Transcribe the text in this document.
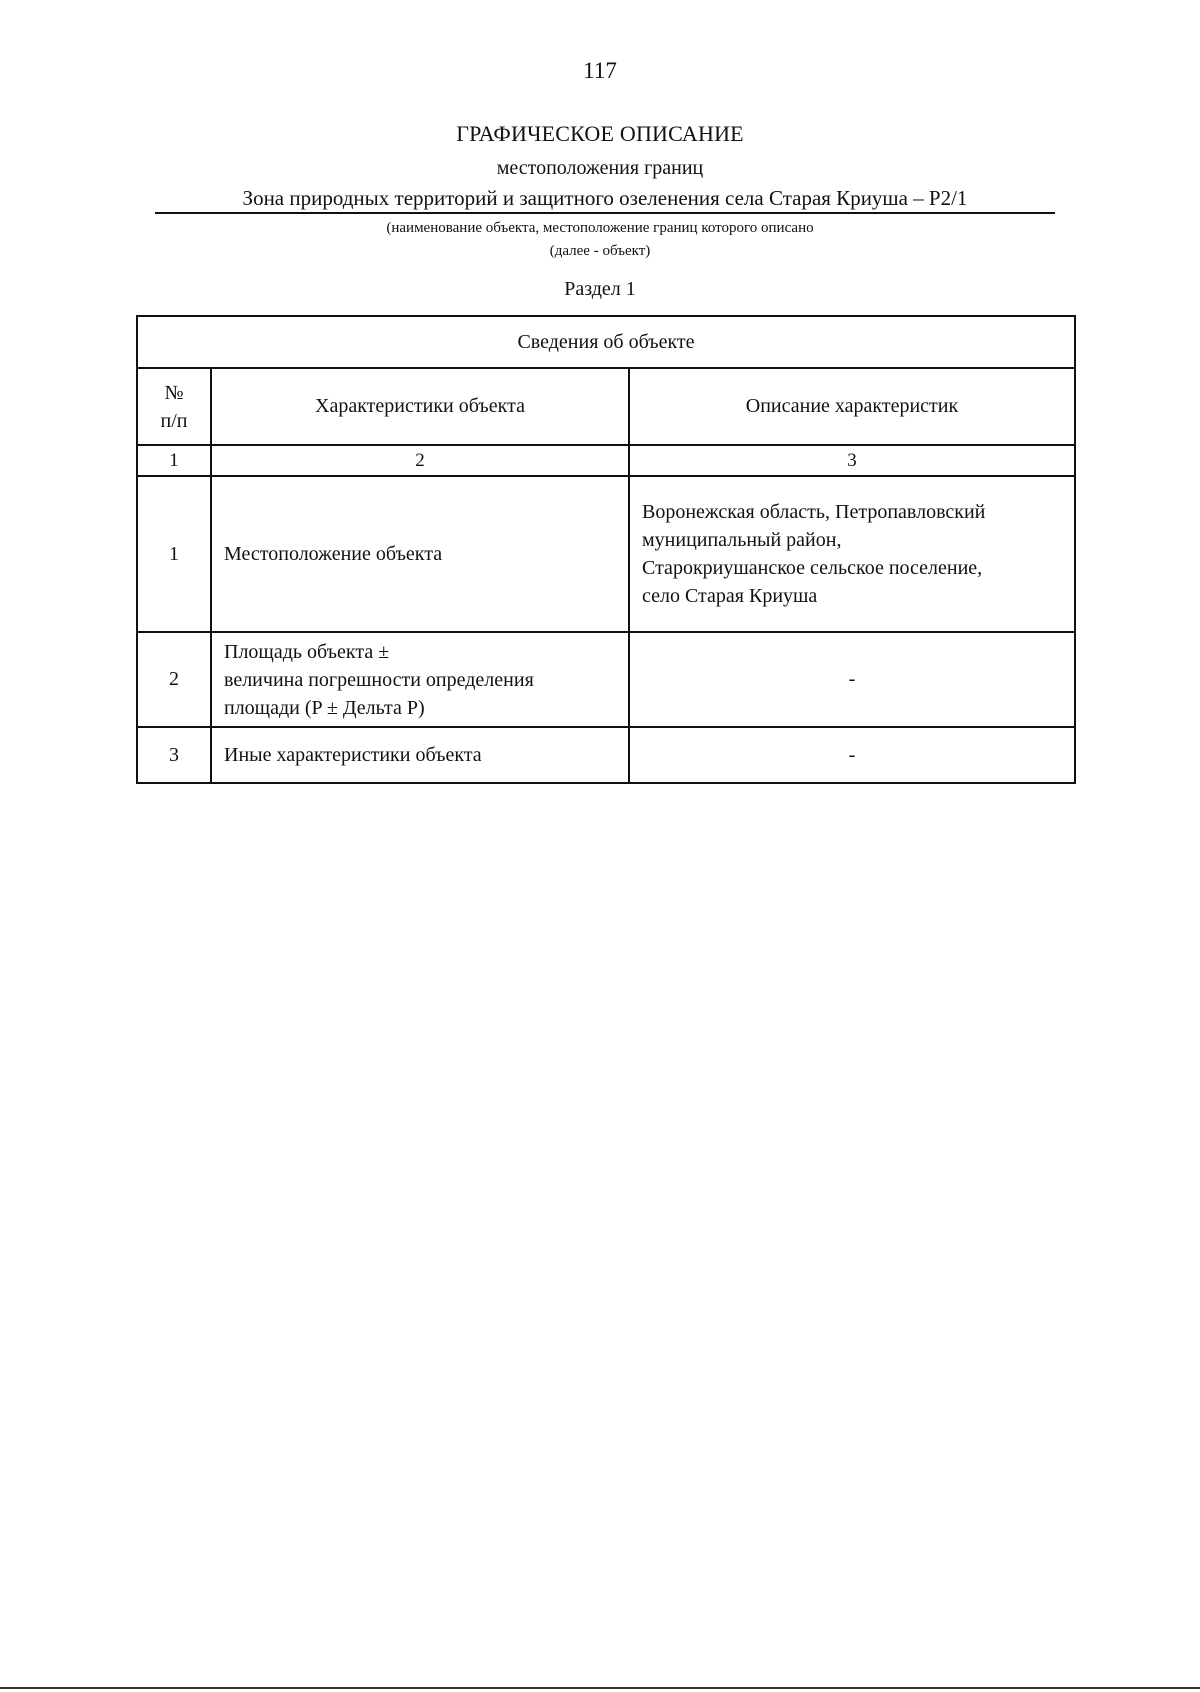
117
ГРАФИЧЕСКОЕ ОПИСАНИЕ
местоположения границ
Зона природных территорий и защитного озеленения села Старая Криуша – Р2/1
(наименование объекта, местоположение границ которого описано
(далее - объект)
Раздел 1
Сведения об объекте		

№
п/п	Характеристики объекта	Описание характеристик
1	2	3
1	Местоположение объекта	Воронежская область, Петропавловский
муниципальный район,
Старокриушанское сельское поселение,
село Старая Криуша

2	Площадь объекта ±
величина погрешности определения
площади (P ± Дельта P)	-
3	Иные характеристики объекта	-
